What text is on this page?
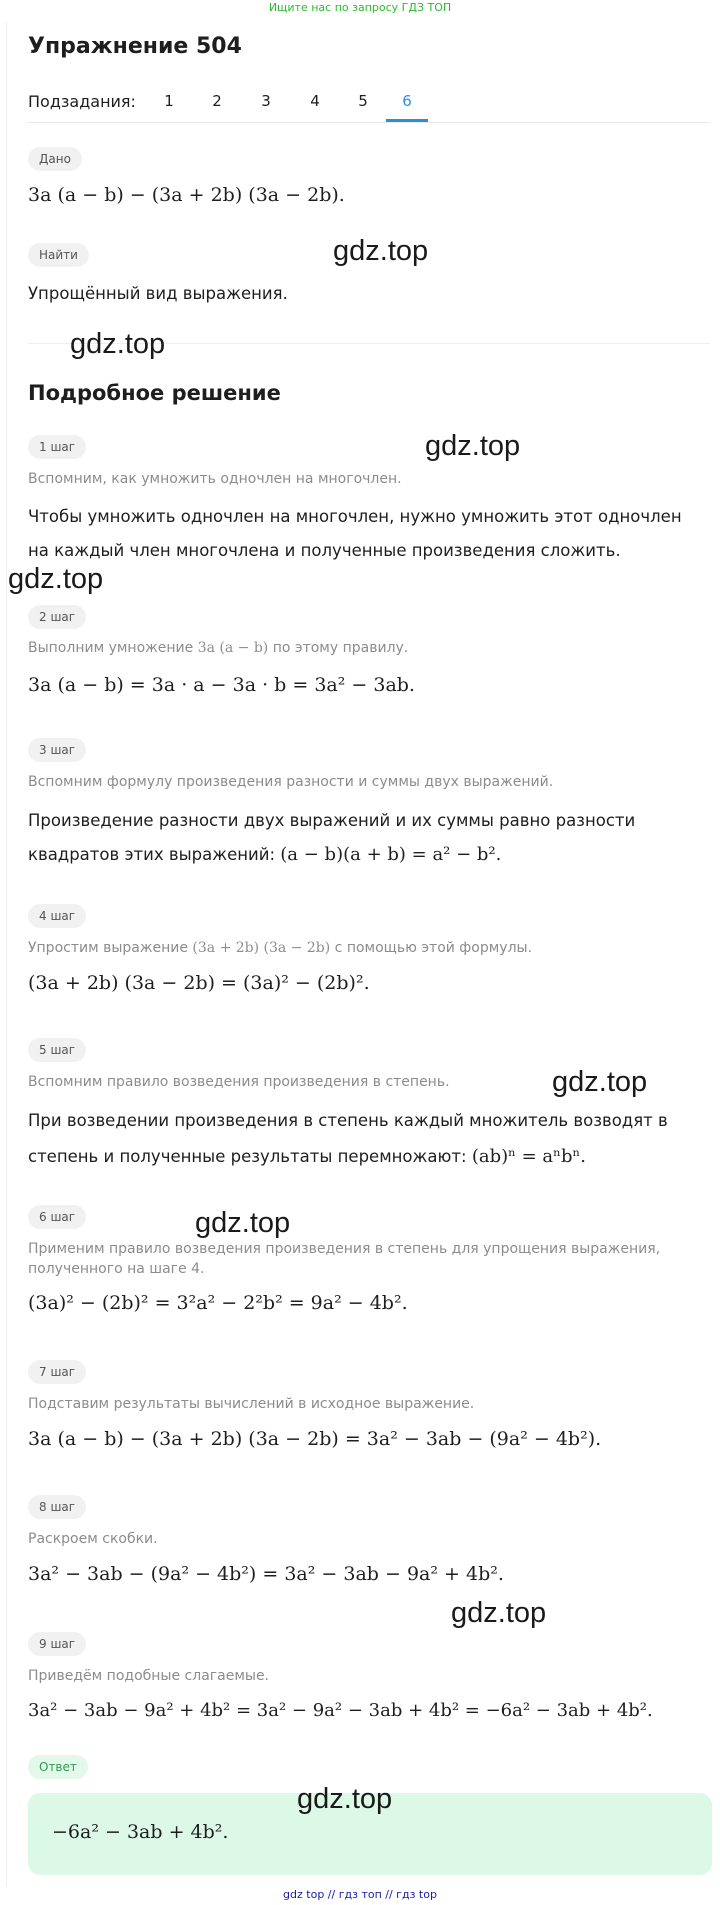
Ищите нас по запросу ГДЗ ТОП
Упражнение 504
Подзадания:	1	2	3	4	5	6
Дано
3a (a − b) − (3a + 2b) (3a − 2b).
Найти
Упрощённый вид выражения.
Подробное решение
1 шаг
Вспомним, как умножить одночлен на многочлен.
Чтобы умножить одночлен на многочлен, нужно умножить этот одночлен на каждый член многочлена и полученные произведения сложить.
2 шаг
Выполним умножение 3a (a − b) по этому правилу.
3a (a − b) = 3a · a − 3a · b = 3a² − 3ab.
3 шаг
Вспомним формулу произведения разности и суммы двух выражений.
Произведение разности двух выражений и их суммы равно разности
квадратов этих выражений: (a − b)(a + b) = a² − b².
4 шаг
Упростим выражение (3a + 2b) (3a − 2b) с помощью этой формулы.
(3a + 2b) (3a − 2b) = (3a)² − (2b)².
5 шаг
Вспомним правило возведения произведения в степень.
При возведении произведения в степень каждый множитель возводят в
степень и полученные результаты перемножают: (ab)ⁿ = aⁿbⁿ.
6 шаг
Применим правило возведения произведения в степень для упрощения выражения,
полученного на шаге 4.
(3a)² − (2b)² = 3²a² − 2²b² = 9a² − 4b².
7 шаг
Подставим результаты вычислений в исходное выражение.
3a (a − b) − (3a + 2b) (3a − 2b) = 3a² − 3ab − (9a² − 4b²).
8 шаг
Раскроем скобки.
3a² − 3ab − (9a² − 4b²) = 3a² − 3ab − 9a² + 4b².
9 шаг
Приведём подобные слагаемые.
3a² − 3ab − 9a² + 4b² = 3a² − 9a² − 3ab + 4b² = −6a² − 3ab + 4b².
Ответ
−6a² − 3ab + 4b².
gdz.top
gdz.top
gdz.top
gdz.top
gdz.top
gdz.top
gdz.top
gdz.top
gdz top // гдз топ // гдз top
